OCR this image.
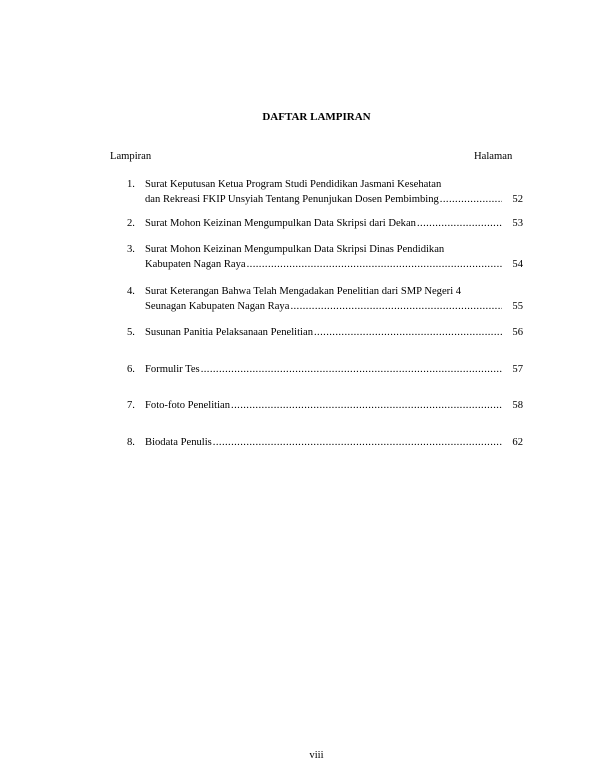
DAFTAR LAMPIRAN
Lampiran	Halaman
1. Surat Keputusan Ketua Program Studi Pendidikan Jasmani Kesehatan
dan Rekreasi FKIP Unsyiah Tentang Penunjukan Dosen Pembimbing .....	52
2. Surat Mohon Keizinan Mengumpulkan Data Skripsi dari Dekan .....	53
3. Surat Mohon Keizinan Mengumpulkan Data Skripsi Dinas Pendidikan
Kabupaten Nagan Raya .....	54
4. Surat Keterangan Bahwa Telah Mengadakan Penelitian dari SMP Negeri 4
Seunagan Kabupaten Nagan Raya .....	55
5. Susunan Panitia Pelaksanaan Penelitian .....	56
6. Formulir Tes .....	57
7. Foto-foto Penelitian .....	58
8. Biodata Penulis .....	62
viii
